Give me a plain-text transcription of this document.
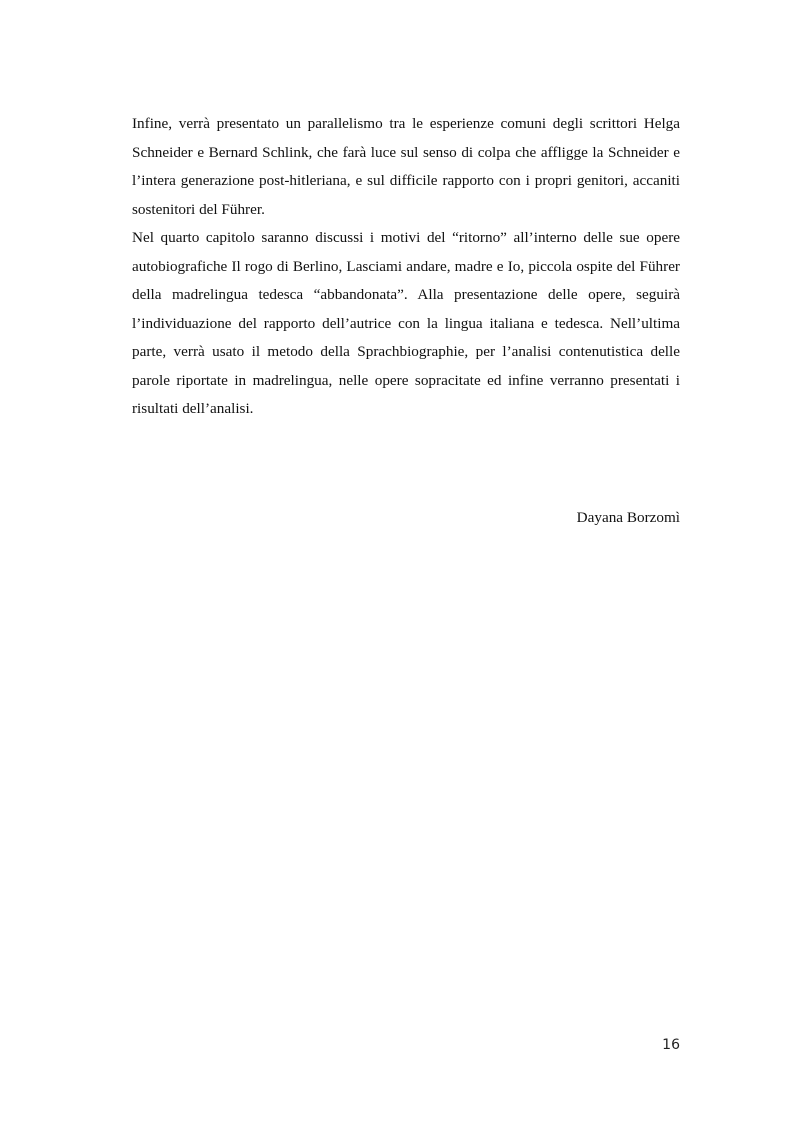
Infine, verrà presentato un parallelismo tra le esperienze comuni degli scrittori Helga Schneider e Bernard Schlink, che farà luce sul senso di colpa che affligge la Schneider e l’intera generazione post-hitleriana, e sul difficile rapporto con i propri genitori, accaniti sostenitori del Führer.

Nel quarto capitolo saranno discussi i motivi del “ritorno” all’interno delle sue opere autobiografiche Il rogo di Berlino, Lasciami andare, madre e Io, piccola ospite del Führer della madrelingua tedesca “abbandonata”. Alla presentazione delle opere, seguirà l’individuazione del rapporto dell’autrice con la lingua italiana e tedesca. Nell’ultima parte, verrà usato il metodo della Sprachbiographie, per l’analisi contenutistica delle parole riportate in madrelingua, nelle opere sopracitate ed infine verranno presentati i risultati dell’analisi.

Dayana Borzomì
16
